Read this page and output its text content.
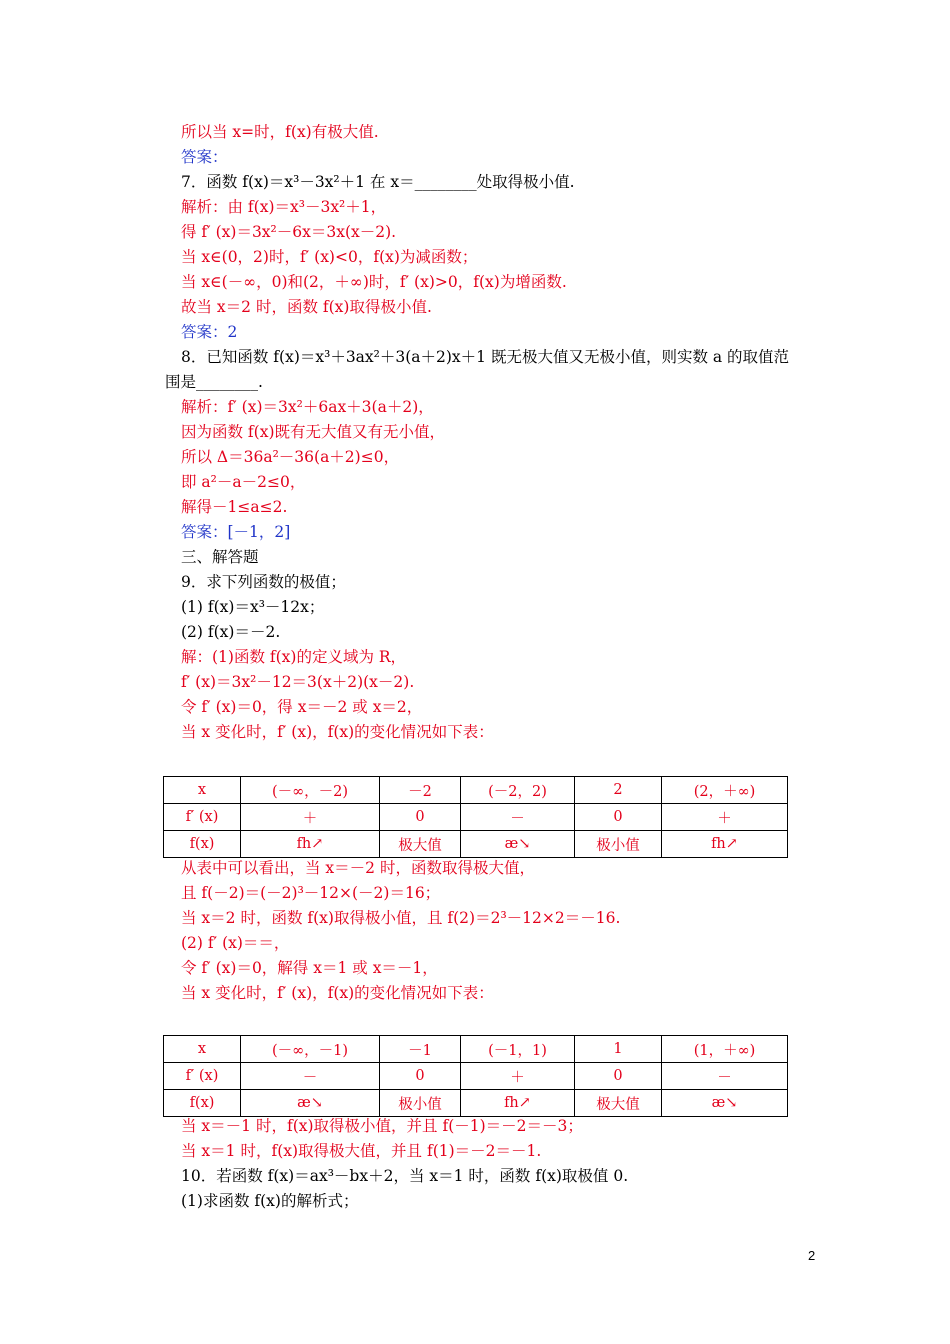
所以当 x=时，f(x)有极大值.
答案：
7．函数 f(x)＝x³－3x²＋1 在 x＝________处取得极小值.
解析：由 f(x)＝x³－3x²＋1，
得 f′ (x)＝3x²－6x＝3x(x－2).
当 x∈(0，2)时，f′ (x)<0，f(x)为减函数；
当 x∈(－∞，0)和(2，＋∞)时，f′ (x)>0，f(x)为增函数.
故当 x＝2 时，函数 f(x)取得极小值.
答案：2
8．已知函数 f(x)＝x³＋3ax²＋3(a＋2)x＋1 既无极大值又无极小值，则实数 a 的取值范
围是________.
解析：f′ (x)＝3x²＋6ax＋3(a＋2)，
因为函数 f(x)既有无大值又有无小值，
所以 Δ＝36a²－36(a＋2)≤0，
即 a²－a－2≤0，
解得－1≤a≤2.
答案：[－1，2]
三、解答题
9．求下列函数的极值；
(1) f(x)＝x³－12x；
(2) f(x)＝－2.
解：(1)函数 f(x)的定义域为 R，
f′ (x)＝3x²－12＝3(x＋2)(x－2).
令 f′ (x)＝0，得 x＝－2 或 x＝2，
当 x 变化时，f′ (x)，f(x)的变化情况如下表：
x	(－∞，－2)	－2	(－2，2)	2	(2，＋∞)
f′ (x)	＋	0	－	0	＋
f(x)	fh↗	极大值	æ↘	极小值	fh↗
从表中可以看出，当 x＝－2 时，函数取得极大值，
且 f(－2)＝(－2)³－12×(－2)＝16；
当 x＝2 时，函数 f(x)取得极小值，且 f(2)＝2³－12×2＝－16.
(2) f′ (x)＝＝，
令 f′ (x)＝0，解得 x＝1 或 x＝－1，
当 x 变化时，f′ (x)，f(x)的变化情况如下表：
x	(－∞，－1)	－1	(－1，1)	1	(1，＋∞)
f′ (x)	－	0	＋	0	－
f(x)	æ↘	极小值	fh↗	极大值	æ↘
当 x＝－1 时，f(x)取得极小值，并且 f(－1)＝－2＝－3；
当 x＝1 时，f(x)取得极大值，并且 f(1)＝－2＝－1.
10．若函数 f(x)＝ax³－bx＋2，当 x＝1 时，函数 f(x)取极值 0.
(1)求函数 f(x)的解析式；
2
